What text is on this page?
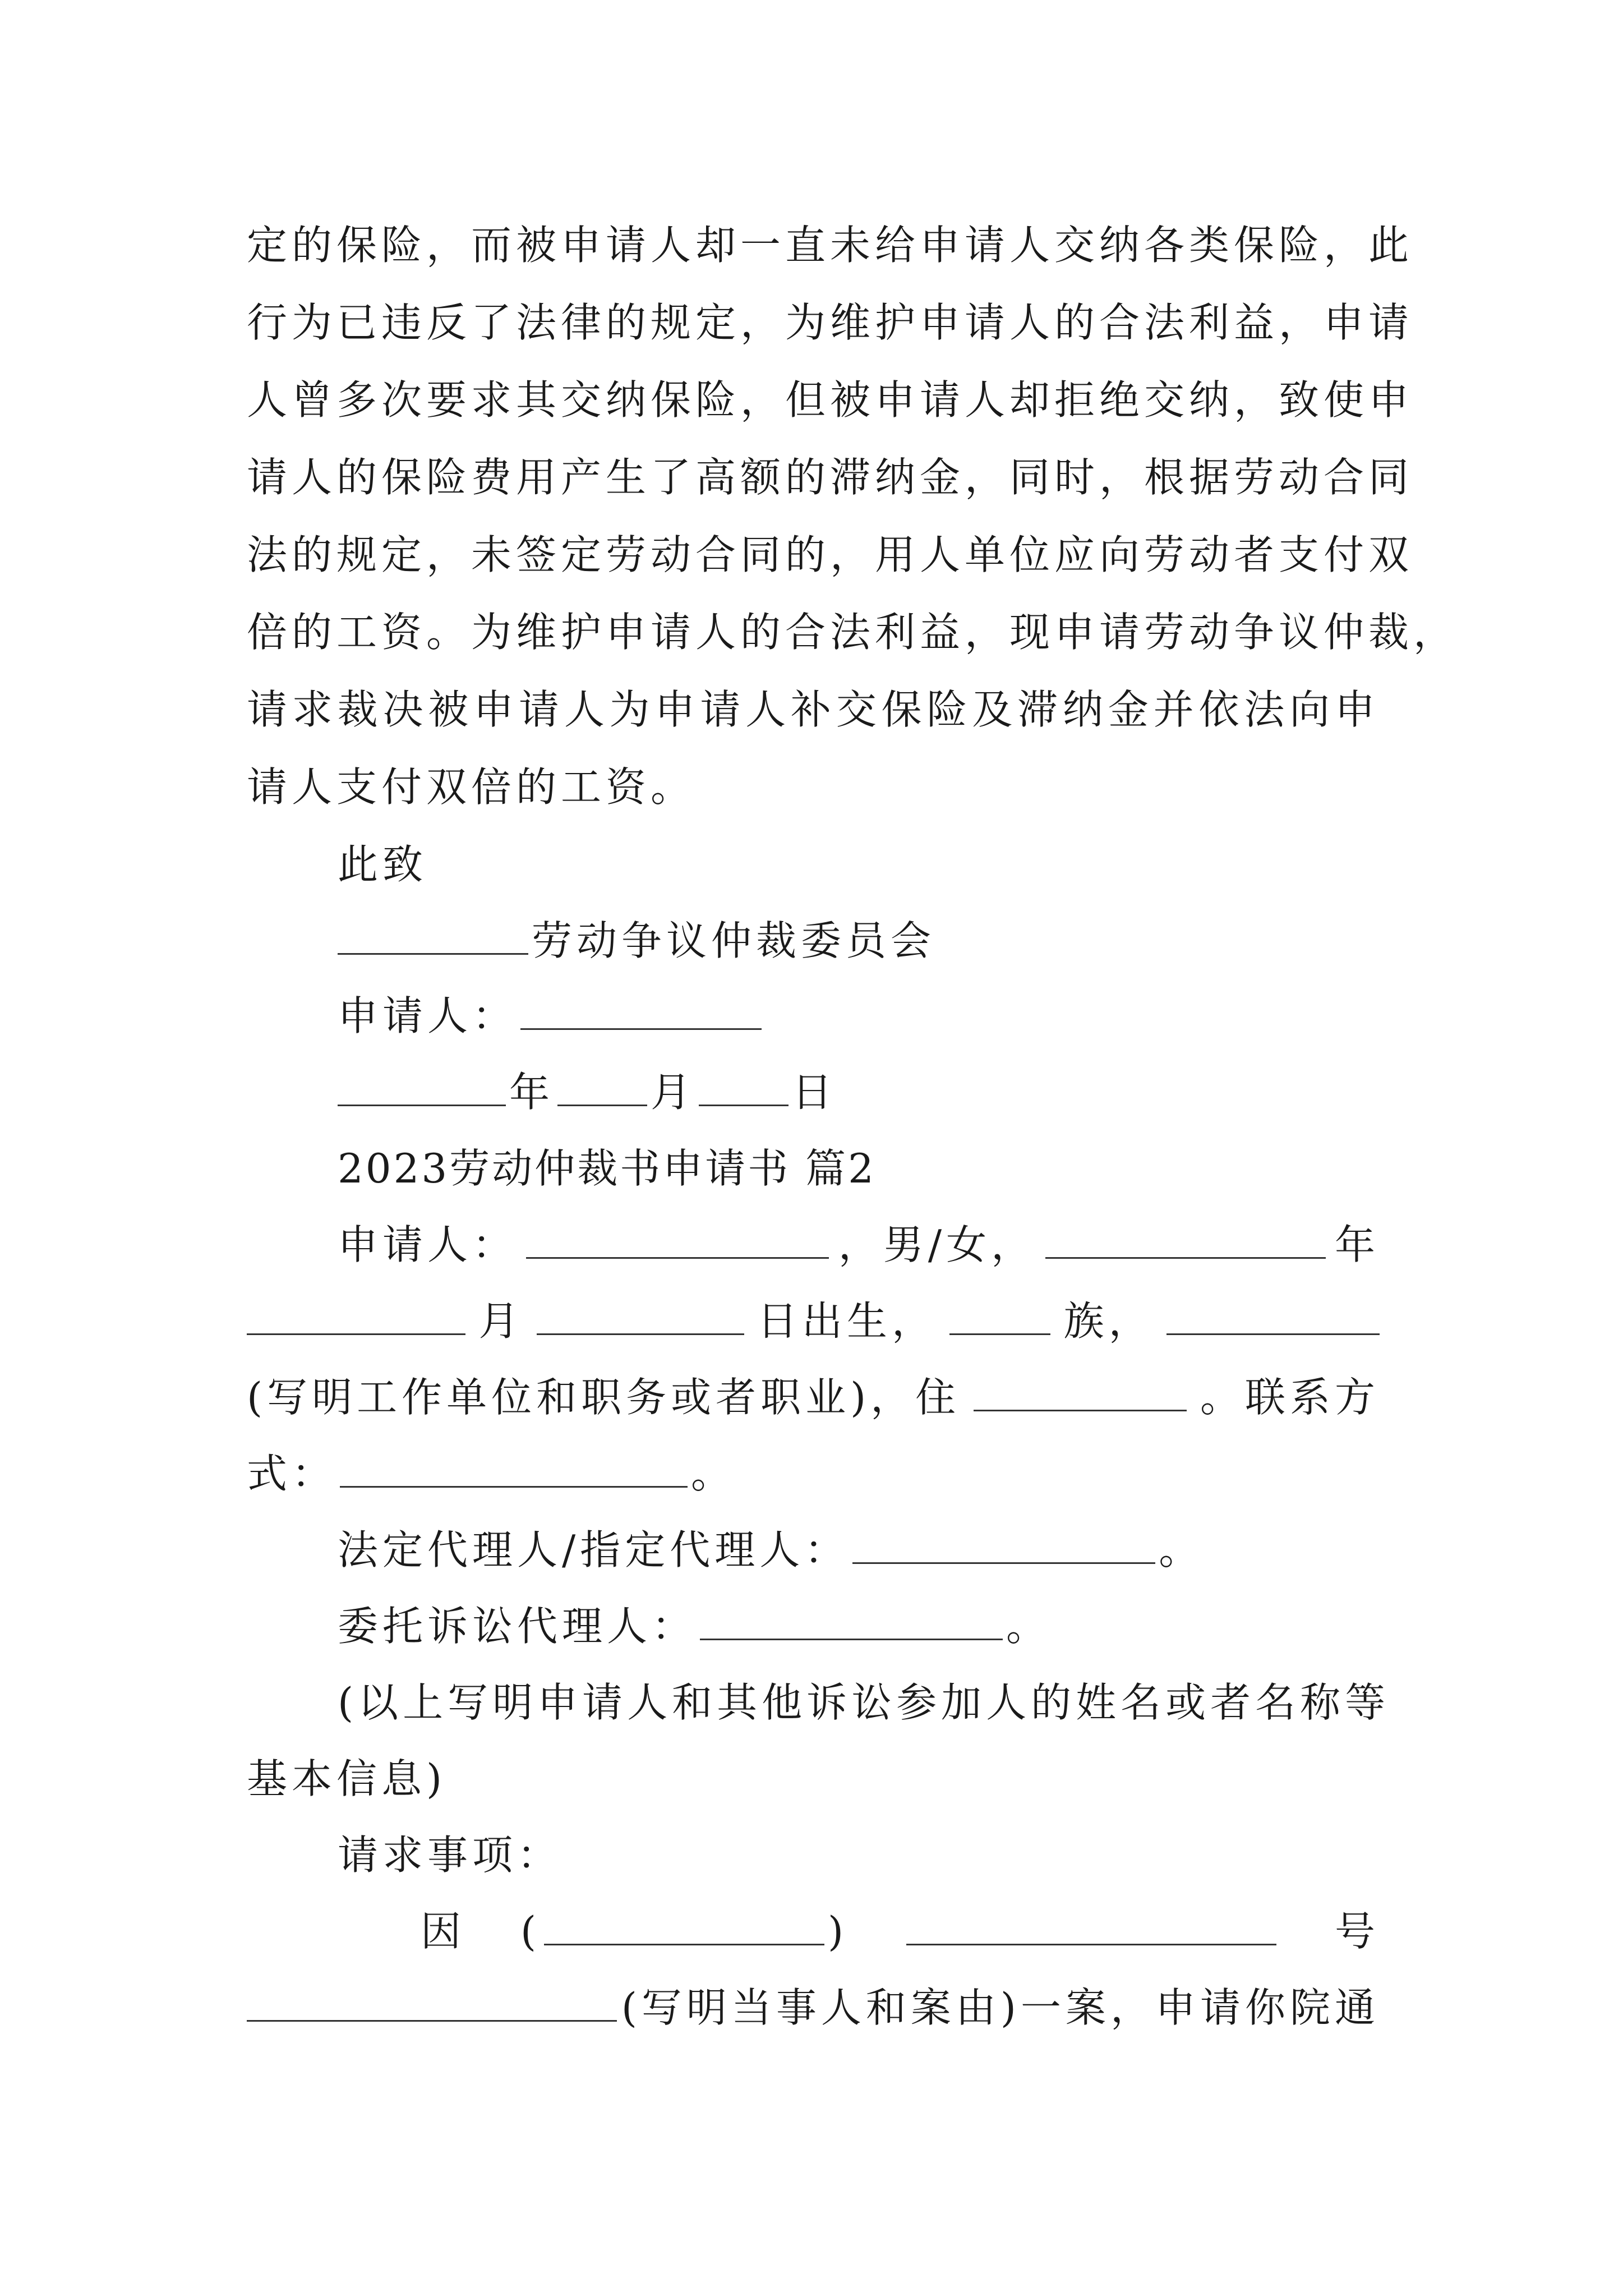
定的保险，而被申请人却一直未给申请人交纳各类保险，此
行为已违反了法律的规定，为维护申请人的合法利益，申请
人曾多次要求其交纳保险，但被申请人却拒绝交纳，致使申
请人的保险费用产生了高额的滞纳金，同时，根据劳动合同
法的规定，未签定劳动合同的，用人单位应向劳动者支付双
倍的工资。为维护申请人的合法利益，现申请劳动争议仲裁，
请求裁决被申请人为申请人补交保险及滞纳金并依法向申
请人支付双倍的工资。
此致
劳动争议仲裁委员会
申请人：
年 月 日
2023劳动仲裁书申请书 篇2
申请人：	，男/女，	年
月	日出生，	族，
(写明工作单位和职务或者职业)，住	。联系方
式：	。
法定代理人/指定代理人：	。
委托诉讼代理人：	。
(以上写明申请人和其他诉讼参加人的姓名或者名称等
基本信息)
请求事项：
因 (	)	号
(写明当事人和案由)一案，申请你院通
